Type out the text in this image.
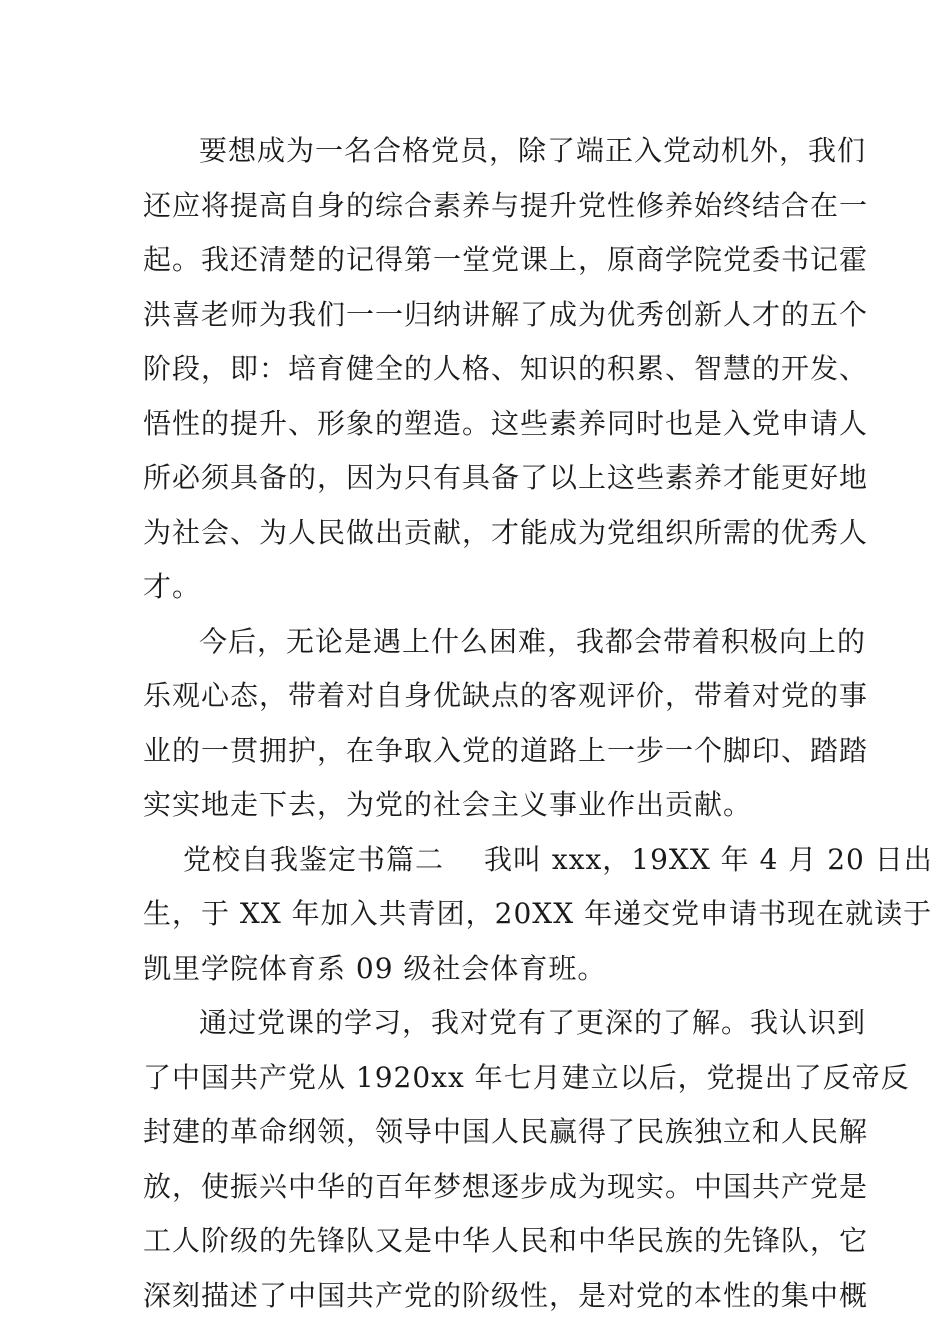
要想成为一名合格党员，除了端正入党动机外，我们
还应将提高自身的综合素养与提升党性修养始终结合在一
起。我还清楚的记得第一堂党课上，原商学院党委书记霍
洪喜老师为我们一一归纳讲解了成为优秀创新人才的五个
阶段，即：培育健全的人格、知识的积累、智慧的开发、
悟性的提升、形象的塑造。这些素养同时也是入党申请人
所必须具备的，因为只有具备了以上这些素养才能更好地
为社会、为人民做出贡献，才能成为党组织所需的优秀人
才。
今后，无论是遇上什么困难，我都会带着积极向上的
乐观心态，带着对自身优缺点的客观评价，带着对党的事
业的一贯拥护，在争取入党的道路上一步一个脚印、踏踏
实实地走下去，为党的社会主义事业作出贡献。
党校自我鉴定书篇二 我叫 xxx，19XX 年 4 月 20 日出
生，于 XX 年加入共青团，20XX 年递交党申请书现在就读于
凯里学院体育系 09 级社会体育班。
通过党课的学习，我对党有了更深的了解。我认识到
了中国共产党从 1920xx 年七月建立以后，党提出了反帝反
封建的革命纲领，领导中国人民赢得了民族独立和人民解
放，使振兴中华的百年梦想逐步成为现实。中国共产党是
工人阶级的先锋队又是中华人民和中华民族的先锋队，它
深刻描述了中国共产党的阶级性，是对党的本性的集中概
